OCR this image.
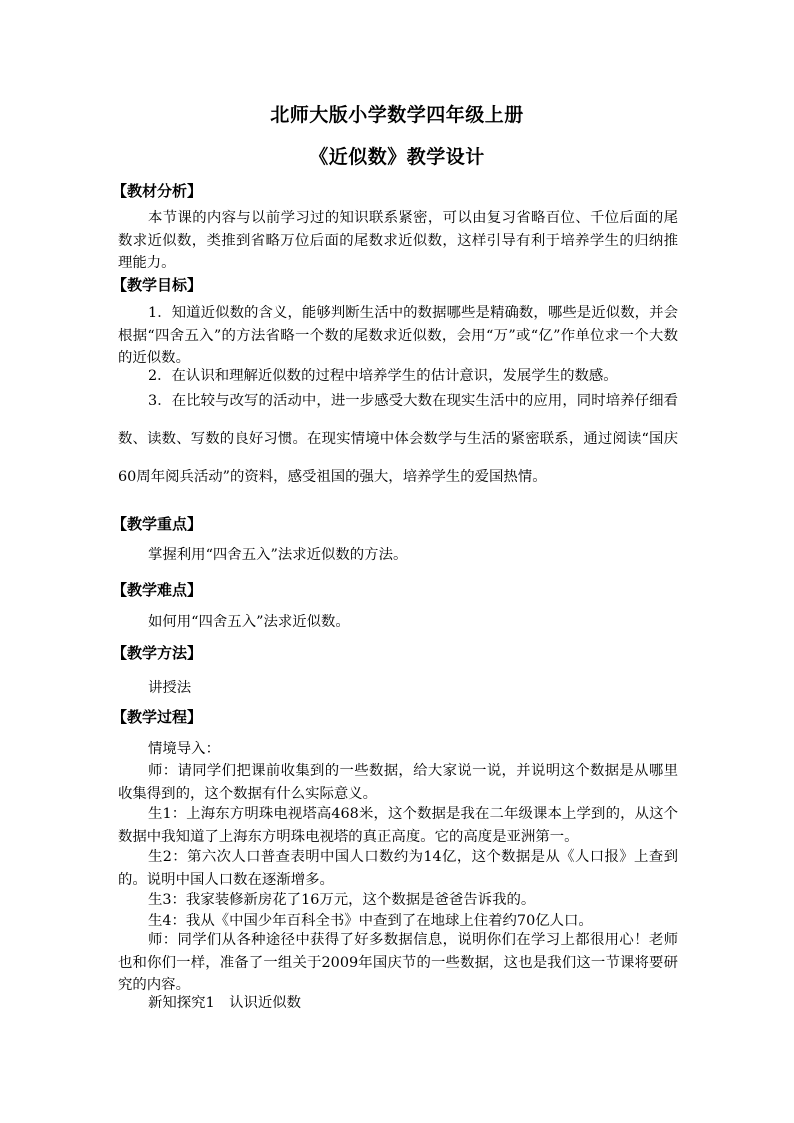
北师大版小学数学四年级上册
《近似数》教学设计
【教材分析】

本节课的内容与以前学习过的知识联系紧密，可以由复习省略百位、千位后面的尾数求近似数，类推到省略万位后面的尾数求近似数，这样引导有利于培养学生的归纳推理能力。

【教学目标】

1．知道近似数的含义，能够判断生活中的数据哪些是精确数，哪些是近似数，并会根据“四舍五入”的方法省略一个数的尾数求近似数，会用“万”或“亿”作单位求一个大数的近似数。

2．在认识和理解近似数的过程中培养学生的估计意识，发展学生的数感。

3．在比较与改写的活动中，进一步感受大数在现实生活中的应用，同时培养仔细看数、读数、写数的良好习惯。在现实情境中体会数学与生活的紧密联系，通过阅读“国庆60周年阅兵活动”的资料，感受祖国的强大，培养学生的爱国热情。

【教学重点】
掌握利用“四舍五入”法求近似数的方法。
【教学难点】
如何用“四舍五入”法求近似数。
【教学方法】
讲授法
【教学过程】
情境导入：

师：请同学们把课前收集到的一些数据，给大家说一说，并说明这个数据是从哪里收集得到的，这个数据有什么实际意义。

生1：上海东方明珠电视塔高468米，这个数据是我在二年级课本上学到的，从这个数据中我知道了上海东方明珠电视塔的真正高度。它的高度是亚洲第一。

生2：第六次人口普查表明中国人口数约为14亿，这个数据是从《人口报》上查到的。说明中国人口数在逐渐增多。

生3：我家装修新房花了16万元，这个数据是爸爸告诉我的。
生4：我从《中国少年百科全书》中查到了在地球上住着约70亿人口。

师：同学们从各种途径中获得了好多数据信息，说明你们在学习上都很用心！老师也和你们一样，准备了一组关于2009年国庆节的一些数据，这也是我们这一节课将要研究的内容。

新知探究1　认识近似数
